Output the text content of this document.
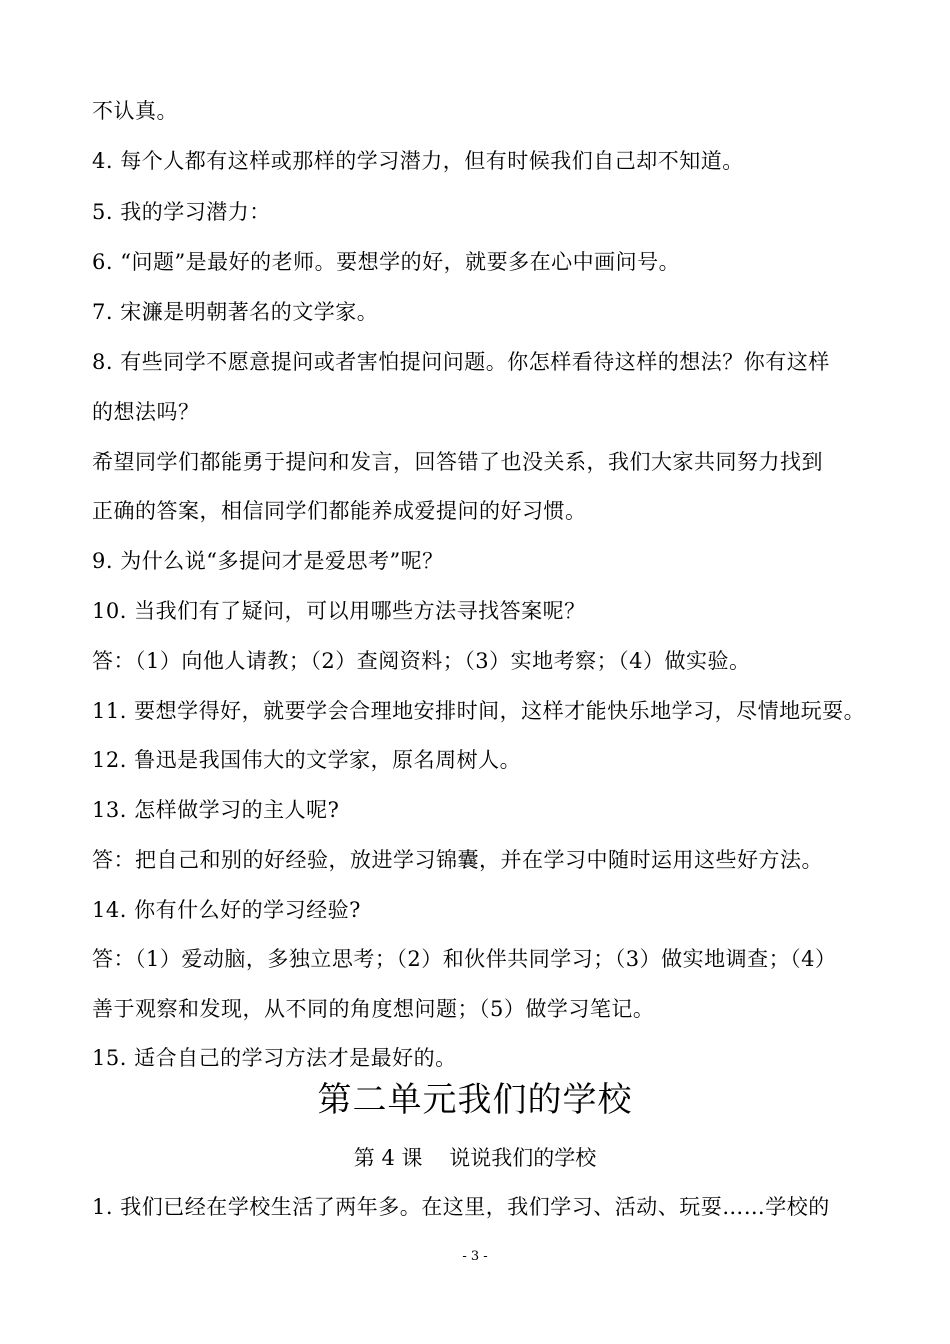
不认真。
4. 每个人都有这样或那样的学习潜力，但有时候我们自己却不知道。
5. 我的学习潜力：
6. “问题”是最好的老师。要想学的好，就要多在心中画问号。
7. 宋濂是明朝著名的文学家。
8. 有些同学不愿意提问或者害怕提问问题。你怎样看待这样的想法？你有这样
的想法吗？
希望同学们都能勇于提问和发言，回答错了也没关系，我们大家共同努力找到
正确的答案，相信同学们都能养成爱提问的好习惯。
9. 为什么说“多提问才是爱思考”呢？
10. 当我们有了疑问，可以用哪些方法寻找答案呢？
答：（1）向他人请教；（2）查阅资料；（3）实地考察；（4）做实验。
11. 要想学得好，就要学会合理地安排时间，这样才能快乐地学习，尽情地玩耍。
12. 鲁迅是我国伟大的文学家，原名周树人。
13. 怎样做学习的主人呢?
答：把自己和别的好经验，放进学习锦囊，并在学习中随时运用这些好方法。
14. 你有什么好的学习经验?
答：（1）爱动脑，多独立思考；（2）和伙伴共同学习；（3）做实地调查；（4）
善于观察和发现，从不同的角度想问题；（5）做学习笔记。
15. 适合自己的学习方法才是最好的。
第二单元我们的学校
第 4 课    说说我们的学校
1. 我们已经在学校生活了两年多。在这里，我们学习、活动、玩耍……学校的
- 3 -
